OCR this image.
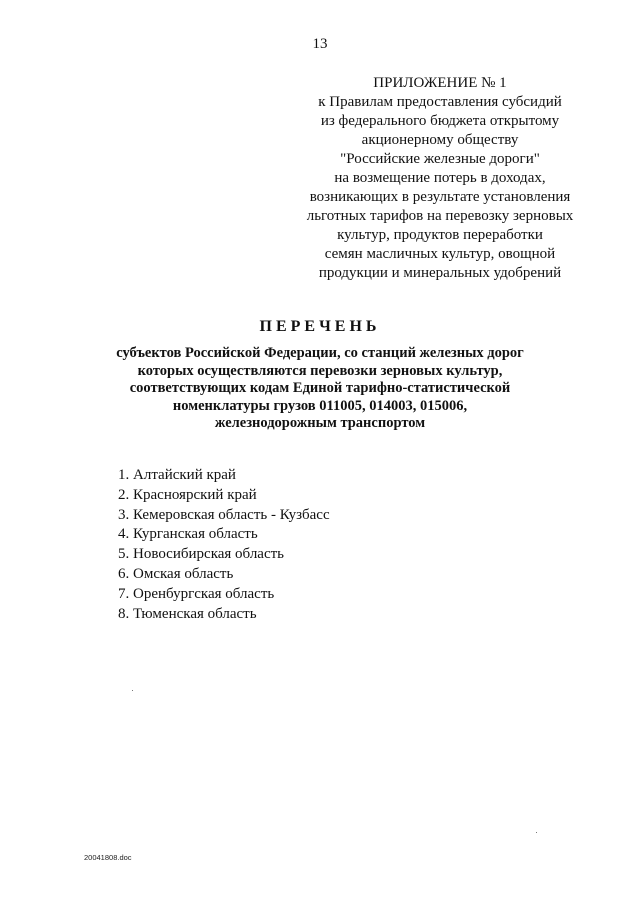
13
ПРИЛОЖЕНИЕ № 1
к Правилам предоставления субсидий
из федерального бюджета открытому
акционерному обществу
"Российские железные дороги"
на возмещение потерь в доходах,
возникающих в результате установления
льготных тарифов на перевозку зерновых
культур, продуктов переработки
семян масличных культур, овощной
продукции и минеральных удобрений
ПЕРЕЧЕНЬ
субъектов Российской Федерации, со станций железных дорог
которых осуществляются перевозки зерновых культур,
соответствующих кодам Единой тарифно-статистической
номенклатуры грузов 011005, 014003, 015006,
железнодорожным транспортом
1. Алтайский край
2. Красноярский край
3. Кемеровская область - Кузбасс
4. Курганская область
5. Новосибирская область
6. Омская область
7. Оренбургская область
8. Тюменская область
20041808.doc
